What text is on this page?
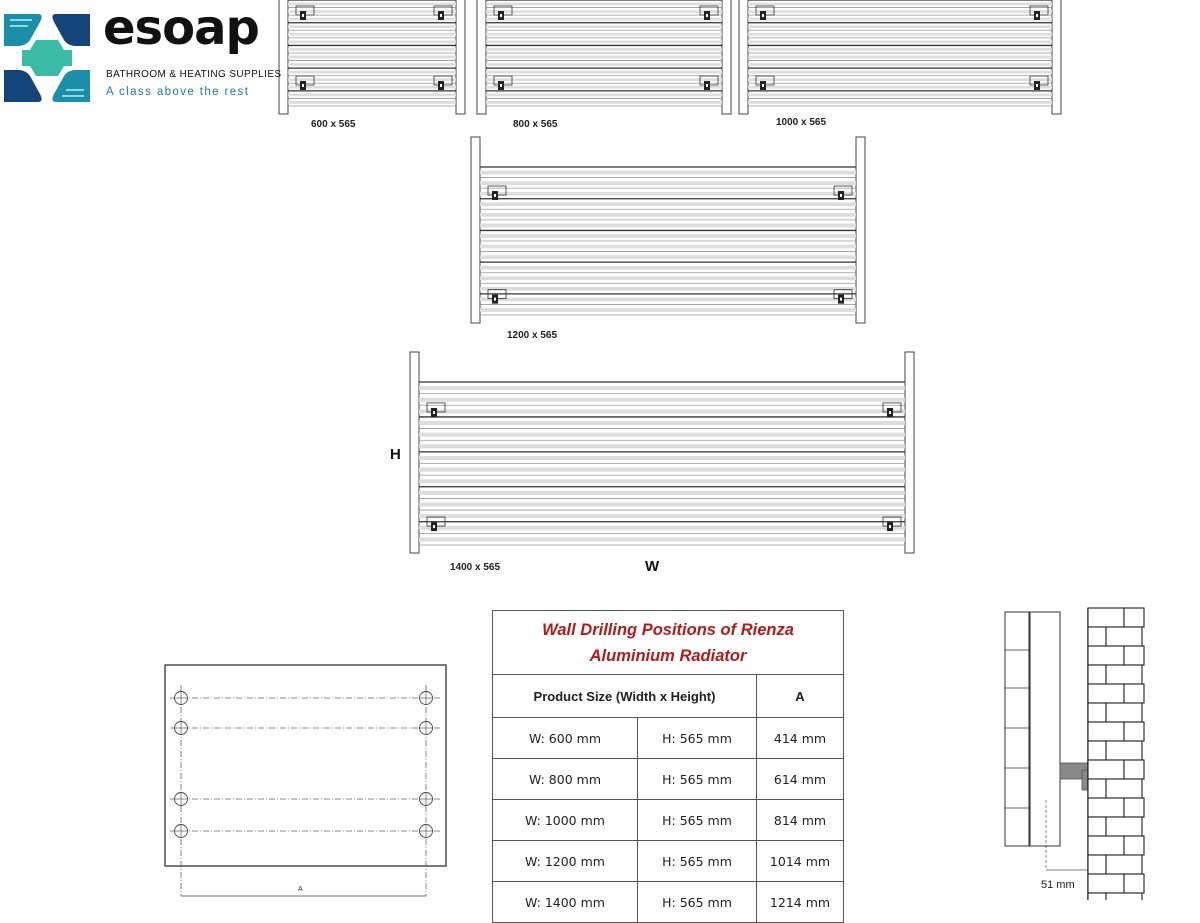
esoap
BATHROOM & HEATING SUPPLIES
A class above the rest
600 x 565	800 x 565	1000 x 565
1200 x 565
1400 x 565
H
W
A
Wall Drilling Positions of Rienza
Aluminium Radiator		
Product Size (Width x Height)		A
W: 600 mm	H: 565 mm	414 mm
W: 800 mm	H: 565 mm	614 mm
W: 1000 mm	H: 565 mm	814 mm
W: 1200 mm	H: 565 mm	1014 mm
W: 1400 mm	H: 565 mm	1214 mm
51 mm
